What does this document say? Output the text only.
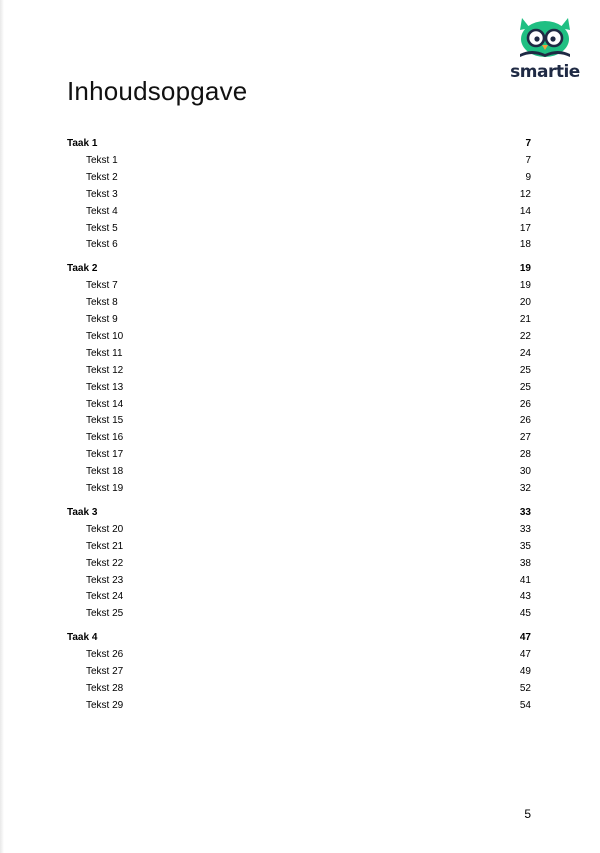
smartie
Inhoudsopgave
Taak 1	7
Tekst 1	7
Tekst 2	9
Tekst 3	12
Tekst 4	14
Tekst 5	17
Tekst 6	18
Taak 2	19
Tekst 7	19
Tekst 8	20
Tekst 9	21
Tekst 10	22
Tekst 11	24
Tekst 12	25
Tekst 13	25
Tekst 14	26
Tekst 15	26
Tekst 16	27
Tekst 17	28
Tekst 18	30
Tekst 19	32
Taak 3	33
Tekst 20	33
Tekst 21	35
Tekst 22	38
Tekst 23	41
Tekst 24	43
Tekst 25	45
Taak 4	47
Tekst 26	47
Tekst 27	49
Tekst 28	52
Tekst 29	54
5
